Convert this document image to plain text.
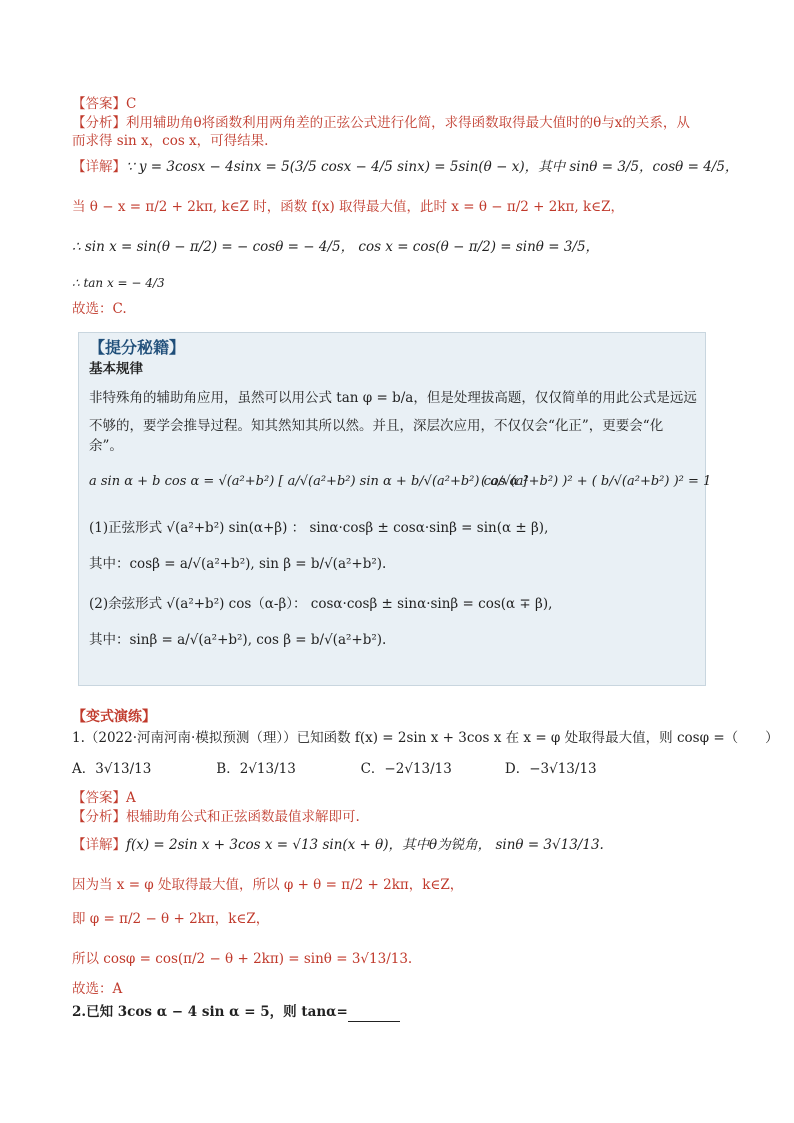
【答案】C
【分析】利用辅助角θ将函数利用两角差的正弦公式进行化简，求得函数取得最大值时的θ与x的关系，从
而求得 sin x，cos x，可得结果.
【详解】∵ y = 3cosx − 4sinx = 5(3/5 cosx − 4/5 sinx) = 5sin(θ − x)，其中 sinθ = 3/5，cosθ = 4/5，
当 θ − x = π/2 + 2kπ, k∈Z 时，函数 f(x) 取得最大值，此时 x = θ − π/2 + 2kπ, k∈Z，
∴ sin x = sin(θ − π/2) = − cosθ = − 4/5， cos x = cos(θ − π/2) = sinθ = 3/5，
∴ tan x = − 4/3
故选：C.
【提分秘籍】
基本规律
非特殊角的辅助角应用，虽然可以用公式 tan φ = b/a，但是处理拔高题，仅仅简单的用此公式是远远
不够的，要学会推导过程。知其然知其所以然。并且，深层次应用，不仅仅会“化正”，更要会“化
余”。
a sin α + b cos α = √(a²+b²) [ a/√(a²+b²) sin α + b/√(a²+b²) cos α ]
( a/√(a²+b²) )² + ( b/√(a²+b²) )² = 1
(1)正弦形式 √(a²+b²) sin(α+β) ： sinα·cosβ ± cosα·sinβ = sin(α ± β),
其中：cosβ = a/√(a²+b²), sin β = b/√(a²+b²).
(2)余弦形式 √(a²+b²) cos（α-β）： cosα·cosβ ± sinα·sinβ = cos(α ∓ β),
其中：sinβ = a/√(a²+b²), cos β = b/√(a²+b²).
【变式演练】
1.（2022·河南河南·模拟预测（理））已知函数 f(x) = 2sin x + 3cos x 在 x = φ 处取得最大值，则 cosφ =（　　）
A．3√13/13	B．2√13/13	C．−2√13/13	D．−3√13/13
【答案】A
【分析】根辅助角公式和正弦函数最值求解即可.
【详解】f(x) = 2sin x + 3cos x = √13 sin(x + θ)，其中θ为锐角， sinθ = 3√13/13.
因为当 x = φ 处取得最大值，所以 φ + θ = π/2 + 2kπ，k∈Z，
即 φ = π/2 − θ + 2kπ，k∈Z，
所以 cosφ = cos(π/2 − θ + 2kπ) = sinθ = 3√13/13.
故选：A
2.已知 3cos α − 4 sin α = 5，则 tanα=
